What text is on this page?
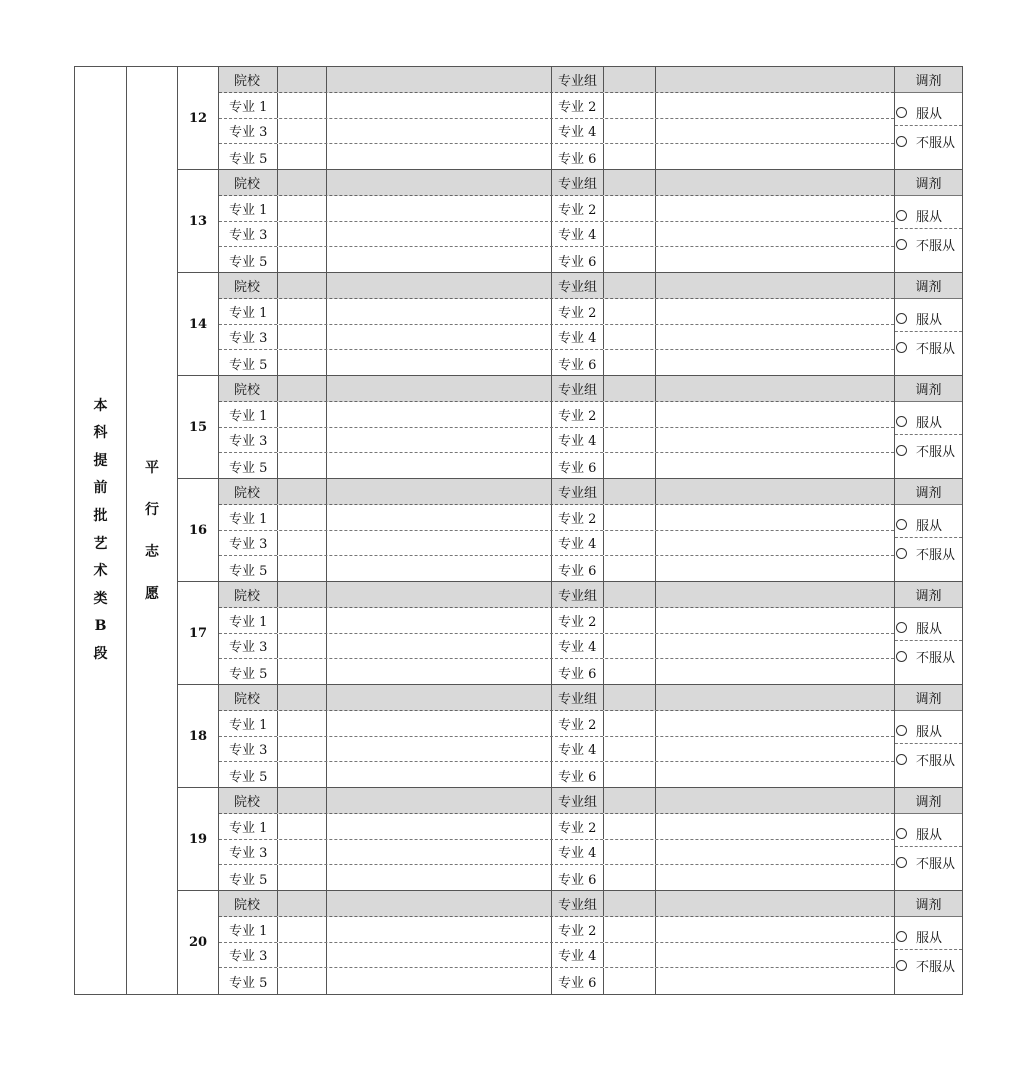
本
科
提
前
批
艺
术
类
B
段
平
行
志
愿
12
院校	专业组
专业 1	专业 2
专业 3	专业 4
专业 5	专业 6
调剂
服从
不服从
13
院校	专业组
专业 1	专业 2
专业 3	专业 4
专业 5	专业 6
调剂
服从
不服从
14
院校	专业组
专业 1	专业 2
专业 3	专业 4
专业 5	专业 6
调剂
服从
不服从
15
院校	专业组
专业 1	专业 2
专业 3	专业 4
专业 5	专业 6
调剂
服从
不服从
16
院校	专业组
专业 1	专业 2
专业 3	专业 4
专业 5	专业 6
调剂
服从
不服从
17
院校	专业组
专业 1	专业 2
专业 3	专业 4
专业 5	专业 6
调剂
服从
不服从
18
院校	专业组
专业 1	专业 2
专业 3	专业 4
专业 5	专业 6
调剂
服从
不服从
19
院校	专业组
专业 1	专业 2
专业 3	专业 4
专业 5	专业 6
调剂
服从
不服从
20
院校	专业组
专业 1	专业 2
专业 3	专业 4
专业 5	专业 6
调剂
服从
不服从
